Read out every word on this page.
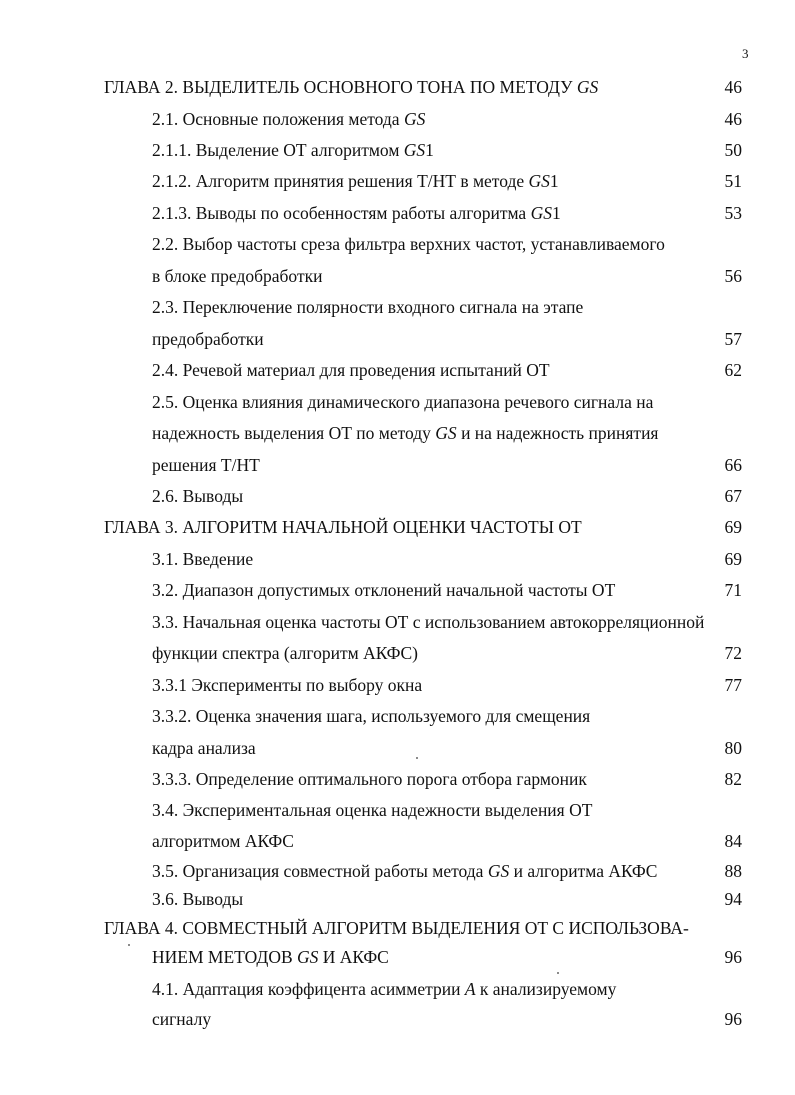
3
ГЛАВА 2. ВЫДЕЛИТЕЛЬ ОСНОВНОГО ТОНА ПО МЕТОДУ GS	46
2.1. Основные положения метода GS	46
2.1.1. Выделение ОТ алгоритмом GS1	50
2.1.2. Алгоритм принятия решения Т/НТ в методе GS1	51
2.1.3. Выводы по особенностям работы алгоритма GS1	53
2.2. Выбор частоты среза фильтра верхних частот, устанавливаемого
в блоке предобработки	56
2.3. Переключение полярности входного сигнала на этапе
предобработки	57
2.4. Речевой материал для проведения испытаний ОТ	62
2.5. Оценка влияния динамического диапазона речевого сигнала на
надежность выделения ОТ по методу GS и на надежность принятия
решения Т/НТ	66
2.6. Выводы	67
ГЛАВА 3. АЛГОРИТМ НАЧАЛЬНОЙ ОЦЕНКИ ЧАСТОТЫ ОТ	69
3.1. Введение	69
3.2. Диапазон допустимых отклонений начальной частоты ОТ	71
3.3. Начальная оценка частоты ОТ с использованием автокорреляционной
функции спектра (алгоритм АКФС)	72
3.3.1 Эксперименты по выбору окна	77
3.3.2. Оценка значения шага, используемого для смещения
кадра анализа	80
3.3.3. Определение оптимального порога отбора гармоник	82
3.4. Экспериментальная оценка надежности выделения ОТ
алгоритмом АКФС	84
3.5. Организация совместной работы метода GS и алгоритма АКФС	88
3.6. Выводы	94
ГЛАВА 4. СОВМЕСТНЫЙ АЛГОРИТМ ВЫДЕЛЕНИЯ ОТ С ИСПОЛЬЗОВА-
НИЕМ МЕТОДОВ GS И АКФС	96
4.1. Адаптация коэффицента асимметрии A к анализируемому
сигналу	96
